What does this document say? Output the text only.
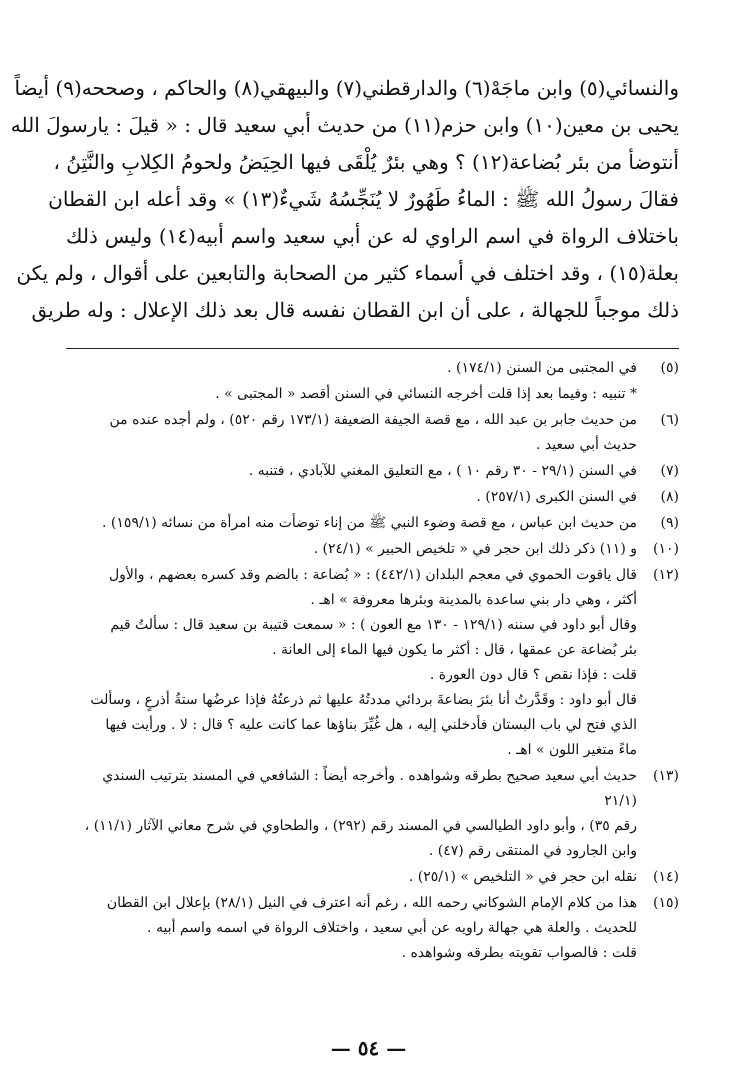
والنسائي(٥) وابن ماجَهْ(٦) والدارقطني(٧) والبيهقي(٨) والحاكم ، وصححه(٩) أيضاً
يحيى بن معين(١٠) وابن حزم(١١) من حديث أبي سعيد قال : « قيلَ : يارسولَ الله
أنتوضأ من بئر بُضاعة(١٢) ؟ وهي بئرٌ يُلْقَى فيها الحِيَضُ ولحومُ الكِلابِ والنَّتِنُ ،
فقالَ رسولُ الله ﷺ : الماءُ طَهُورٌ لا يُنَجِّسُهُ شَيءٌ(١٣) » وقد أعله ابن القطان
باختلاف الرواة في اسم الراوي له عن أبي سعيد واسم أبيه(١٤) وليس ذلك
بعلة(١٥) ، وقد اختلف في أسماء كثير من الصحابة والتابعين على أقوال ، ولم يكن
ذلك موجباً للجهالة ، على أن ابن القطان نفسه قال بعد ذلك الإعلال : وله طريق
(٥)

في المجتبى من السنن (١٧٤/١) .

* تنبيه : وفيما بعد إذا قلت أخرجه النسائي في السنن أقصد « المجتبى » .

(٦)

من حديث جابر بن عبد الله ، مع قصة الجيفة الضعيفة (١٧٣/١ رقم ٥٢٠) ، ولم أجده عنده من

حديث أبي سعيد .

(٧)

في السنن (٢٩/١ - ٣٠ رقم ١٠ ) ، مع التعليق المغني للآبادي ، فتنبه .

(٨)

في السنن الكبرى (٢٥٧/١) .

(٩)

من حديث ابن عباس ، مع قصة وضوء النبي ﷺ من إناء توضأت منه امرأة من نسائه (١٥٩/١) .

(١٠)

و (١١) ذكر ذلك ابن حجر في « تلخيص الحبير » (٢٤/١) .

(١٢)

قال ياقوت الحموي في معجم البلدان (٤٤٢/١) : « بُضاعة : بالضم وقد كسره بعضهم ، والأول

أكثر ، وهي دار بني ساعدة بالمدينة وبئرها معروفة » اهـ .

وقال أبو داود في سننه (١٢٩/١ - ١٣٠ مع العون ) : « سمعت قتيبة بن سعيد قال : سألتُ قيم

بئر بُضاعة عن عمقها ، قال : أكثر ما يكون فيها الماء إلى العانة .

قلت : فإذا نقص ؟ قال دون العورة .

قال أبو داود : وقَدَّرتُ أنا بئرَ بضاعةَ بردائي مددتُهُ عليها ثم ذرعتُهُ فإذا عرضُها ستةُ أذرعٍ ، وسألت

الذي فتح لي باب البستان فأدخلني إليه ، هل غُيِّرَ بناؤها عما كانت عليه ؟ قال : لا . ورأيت فيها

ماءً متغير اللون » اهـ .

(١٣)

حديث أبي سعيد صحيح بطرقه وشواهده . وأخرجه أيضاً : الشافعي في المسند بترتيب السندي (٢١/١

رقم ٣٥) ، وأبو داود الطيالسي في المسند رقم (٢٩٢) ، والطحاوي في شرح معاني الآثار (١١/١) ،

وابن الجارود في المنتقى رقم (٤٧) .

(١٤)

نقله ابن حجر في « التلخيص » (٢٥/١) .

(١٥)

هذا من كلام الإمام الشوكاني رحمه الله ، رغم أنه اعترف في النيل (٢٨/١) بإعلال ابن القطان

للحديث . والعلة هي جهالة راويه عن أبي سعيد ، واختلاف الرواة في اسمه واسم أبيه .

قلت : فالصواب تقويته بطرقه وشواهده .

— ٥٤ —
